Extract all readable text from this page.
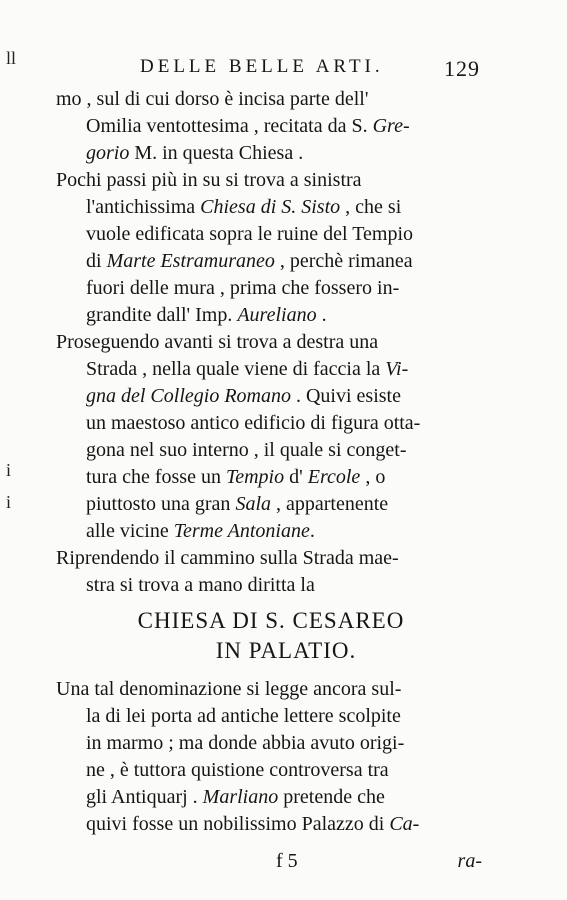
ll
i
i
DELLE BELLE ARTI.	129
mo , sul di cui dorso è incisa parte dell'
Omilia ventottesima , recitata da S. Gre-
gorio M. in questa Chiesa .
Pochi passi più in su si trova a sinistra
l'antichissima Chiesa di S. Sisto , che si
vuole edificata sopra le ruine del Tempio
di Marte Estramuraneo , perchè rimanea
fuori delle mura , prima che fossero in-
grandite dall' Imp. Aureliano .
Proseguendo avanti si trova a destra una
Strada , nella quale viene di faccia la Vi-
gna del Collegio Romano . Quivi esiste
un maestoso antico edificio di figura otta-
gona nel suo interno , il quale si conget-
tura che fosse un Tempio d' Ercole , o
piuttosto una gran Sala , appartenente
alle vicine Terme Antoniane.
Riprendendo il cammino sulla Strada mae-
stra si trova a mano diritta la
CHIESA DI S. CESAREO
IN PALATIO.
Una tal denominazione si legge ancora sul-
la di lei porta ad antiche lettere scolpite
in marmo ; ma donde abbia avuto origi-
ne , è tuttora quistione controversa tra
gli Antiquarj . Marliano pretende che
quivi fosse un nobilissimo Palazzo di Ca-
f 5	ra-
